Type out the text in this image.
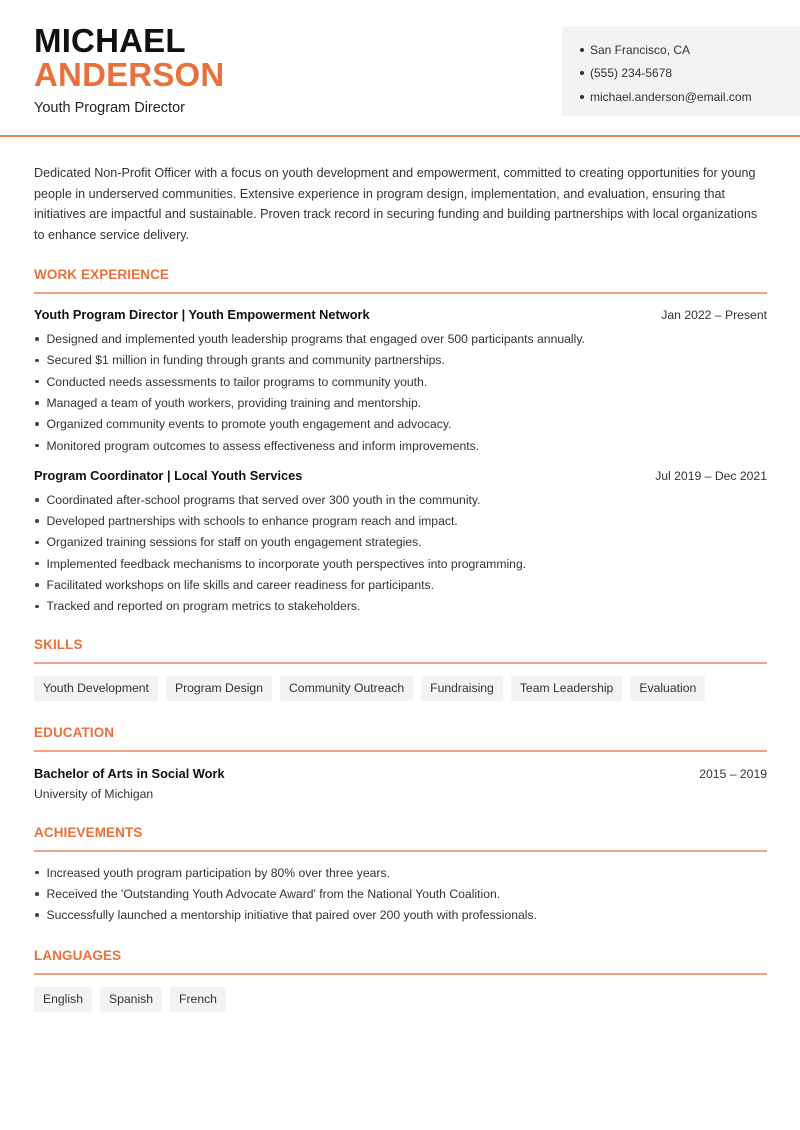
MICHAEL
ANDERSON
Youth Program Director
San Francisco, CA
(555) 234-5678
michael.anderson@email.com

Dedicated Non-Profit Officer with a focus on youth development and empowerment, committed to creating opportunities for young people in underserved communities. Extensive experience in program design, implementation, and evaluation, ensuring that initiatives are impactful and sustainable. Proven track record in securing funding and building partnerships with local organizations to enhance service delivery.

WORK EXPERIENCE
Youth Program Director | Youth Empowerment Network	Jan 2022 – Present
Designed and implemented youth leadership programs that engaged over 500 participants annually.
Secured $1 million in funding through grants and community partnerships.
Conducted needs assessments to tailor programs to community youth.
Managed a team of youth workers, providing training and mentorship.
Organized community events to promote youth engagement and advocacy.
Monitored program outcomes to assess effectiveness and inform improvements.
Program Coordinator | Local Youth Services	Jul 2019 – Dec 2021
Coordinated after-school programs that served over 300 youth in the community.
Developed partnerships with schools to enhance program reach and impact.
Organized training sessions for staff on youth engagement strategies.
Implemented feedback mechanisms to incorporate youth perspectives into programming.
Facilitated workshops on life skills and career readiness for participants.
Tracked and reported on program metrics to stakeholders.
SKILLS
Youth Development	Program Design	Community Outreach	Fundraising	Team Leadership	Evaluation
EDUCATION
Bachelor of Arts in Social Work	2015 – 2019
University of Michigan
ACHIEVEMENTS
Increased youth program participation by 80% over three years.
Received the 'Outstanding Youth Advocate Award' from the National Youth Coalition.
Successfully launched a mentorship initiative that paired over 200 youth with professionals.
LANGUAGES
English	Spanish	French
